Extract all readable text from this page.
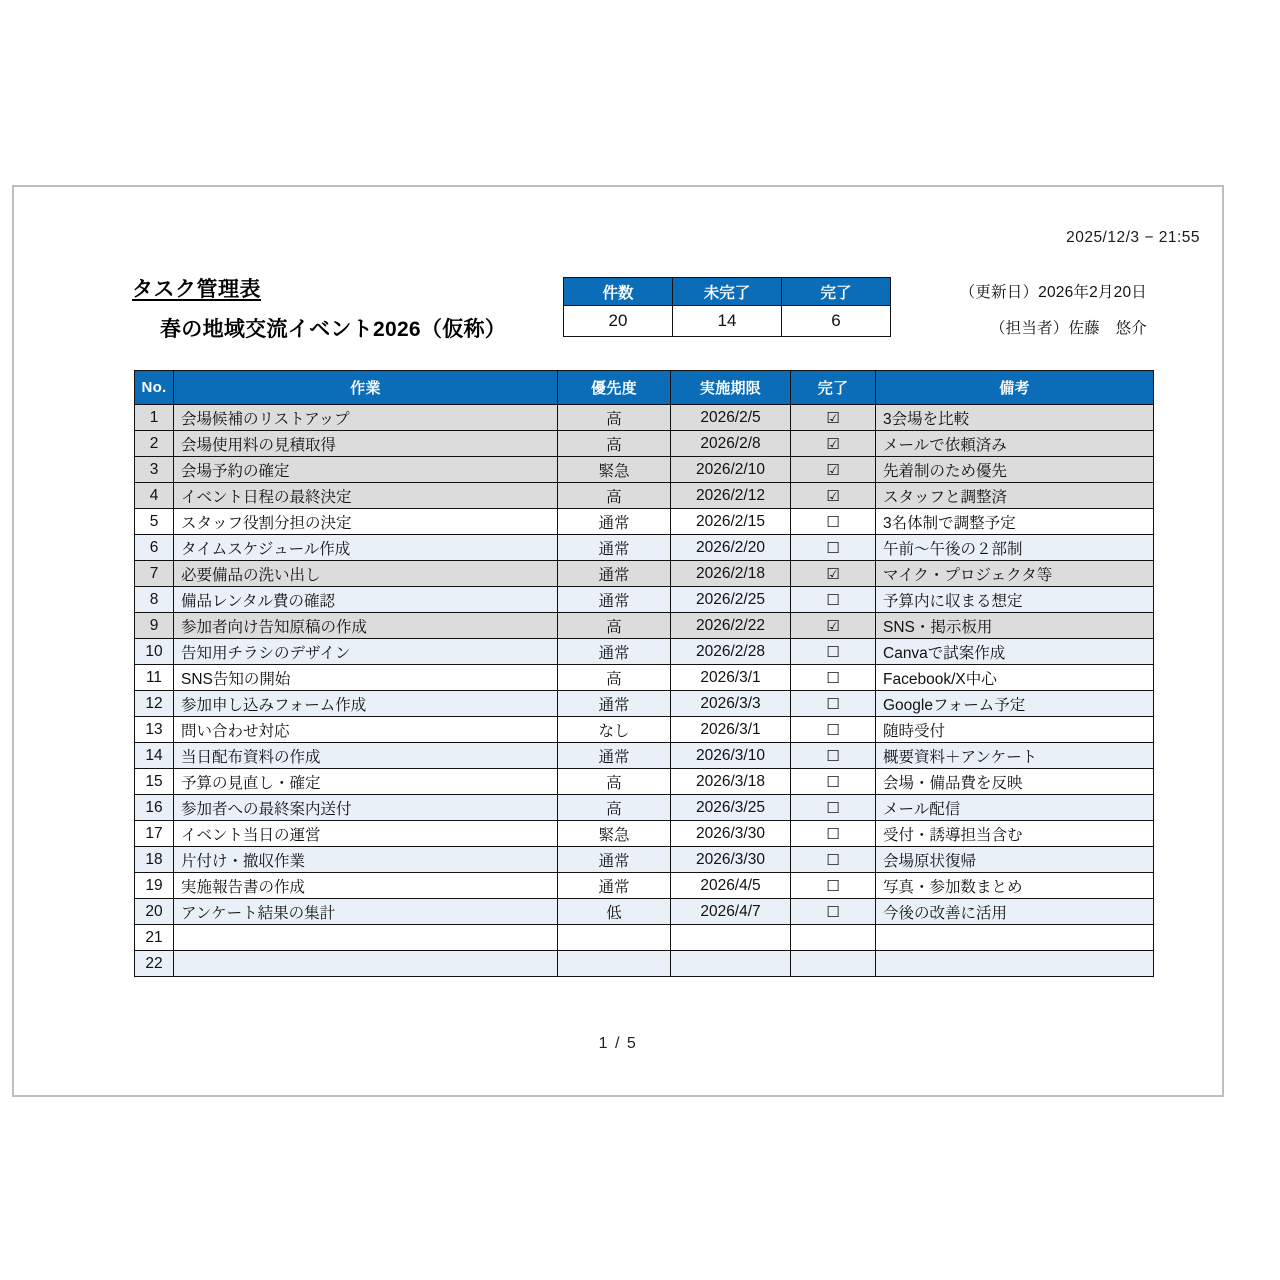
2025/12/3 − 21:55
タスク管理表
春の地域交流イベント2026（仮称）
件数	未完了	完了
20	14	6
（更新日）2026年2月20日
（担当者）佐藤　悠介
No.	作業	優先度	実施期限	完了	備考
1	会場候補のリストアップ	高	2026/2/5	☑	3会場を比較
2	会場使用料の見積取得	高	2026/2/8	☑	メールで依頼済み
3	会場予約の確定	緊急	2026/2/10	☑	先着制のため優先
4	イベント日程の最終決定	高	2026/2/12	☑	スタッフと調整済
5	スタッフ役割分担の決定	通常	2026/2/15	☐	3名体制で調整予定
6	タイムスケジュール作成	通常	2026/2/20	☐	午前〜午後の２部制
7	必要備品の洗い出し	通常	2026/2/18	☑	マイク・プロジェクタ等
8	備品レンタル費の確認	通常	2026/2/25	☐	予算内に収まる想定
9	参加者向け告知原稿の作成	高	2026/2/22	☑	SNS・掲示板用
10	告知用チラシのデザイン	通常	2026/2/28	☐	Canvaで試案作成
11	SNS告知の開始	高	2026/3/1	☐	Facebook/X中心
12	参加申し込みフォーム作成	通常	2026/3/3	☐	Googleフォーム予定
13	問い合わせ対応	なし	2026/3/1	☐	随時受付
14	当日配布資料の作成	通常	2026/3/10	☐	概要資料＋アンケート
15	予算の見直し・確定	高	2026/3/18	☐	会場・備品費を反映
16	参加者への最終案内送付	高	2026/3/25	☐	メール配信
17	イベント当日の運営	緊急	2026/3/30	☐	受付・誘導担当含む
18	片付け・撤収作業	通常	2026/3/30	☐	会場原状復帰
19	実施報告書の作成	通常	2026/4/5	☐	写真・参加数まとめ
20	アンケート結果の集計	低	2026/4/7	☐	今後の改善に活用
21					
22					
1 / 5
